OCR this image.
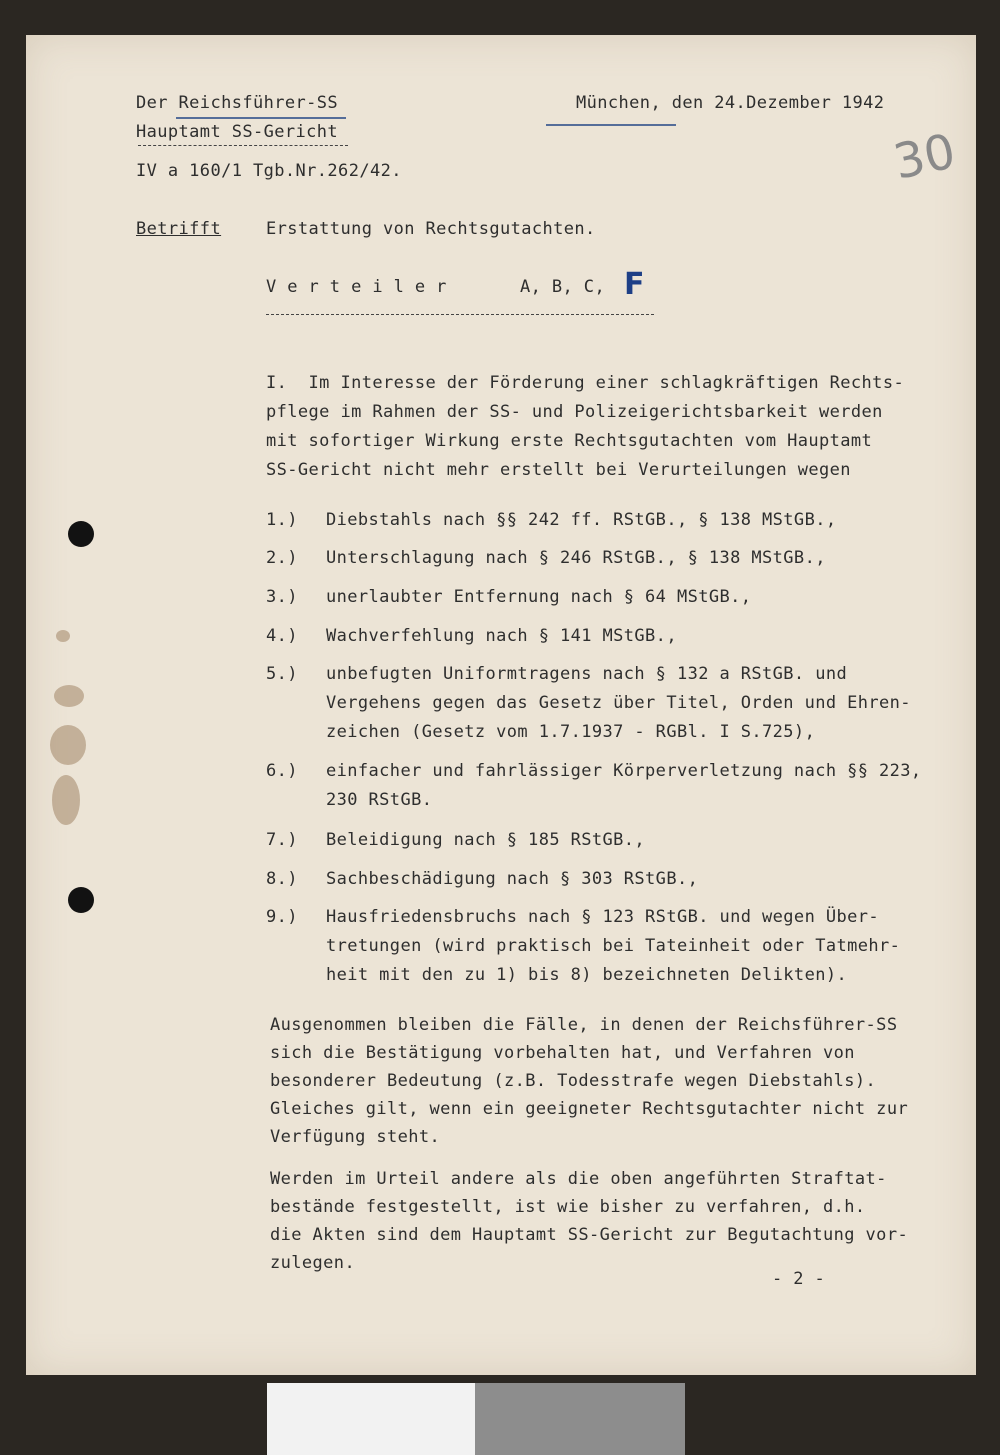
Der Reichsführer-SS
Hauptamt SS-Gericht
IV a 160/1 Tgb.Nr.262/42.
München, den 24.Dezember 1942
30
Betrifft	Erstattung von Rechtsgutachten.
V e r t e i l e r	A, B, C, F
I.  Im Interesse der Förderung einer schlagkräftigen Rechts-
pflege im Rahmen der SS- und Polizeigerichtsbarkeit werden
mit sofortiger Wirkung erste Rechtsgutachten vom Hauptamt
SS-Gericht nicht mehr erstellt bei Verurteilungen wegen
1.) Diebstahls nach §§ 242 ff. RStGB., § 138 MStGB.,
2.) Unterschlagung nach § 246 RStGB., § 138 MStGB.,
3.) unerlaubter Entfernung nach § 64 MStGB.,
4.) Wachverfehlung nach § 141 MStGB.,
5.) unbefugten Uniformtragens nach § 132 a RStGB. und
Vergehens gegen das Gesetz über Titel, Orden und Ehren-
zeichen (Gesetz vom 1.7.1937 - RGBl. I S.725),
6.) einfacher und fahrlässiger Körperverletzung nach §§ 223,
230 RStGB.
7.) Beleidigung nach § 185 RStGB.,
8.) Sachbeschädigung nach § 303 RStGB.,
9.) Hausfriedensbruchs nach § 123 RStGB. und wegen Über-
tretungen (wird praktisch bei Tateinheit oder Tatmehr-
heit mit den zu 1) bis 8) bezeichneten Delikten).
Ausgenommen bleiben die Fälle, in denen der Reichsführer-SS
sich die Bestätigung vorbehalten hat, und Verfahren von
besonderer Bedeutung (z.B. Todesstrafe wegen Diebstahls).
Gleiches gilt, wenn ein geeigneter Rechtsgutachter nicht zur
Verfügung steht.
Werden im Urteil andere als die oben angeführten Straftat-
bestände festgestellt, ist wie bisher zu verfahren, d.h.
die Akten sind dem Hauptamt SS-Gericht zur Begutachtung vor-
zulegen.
- 2 -
